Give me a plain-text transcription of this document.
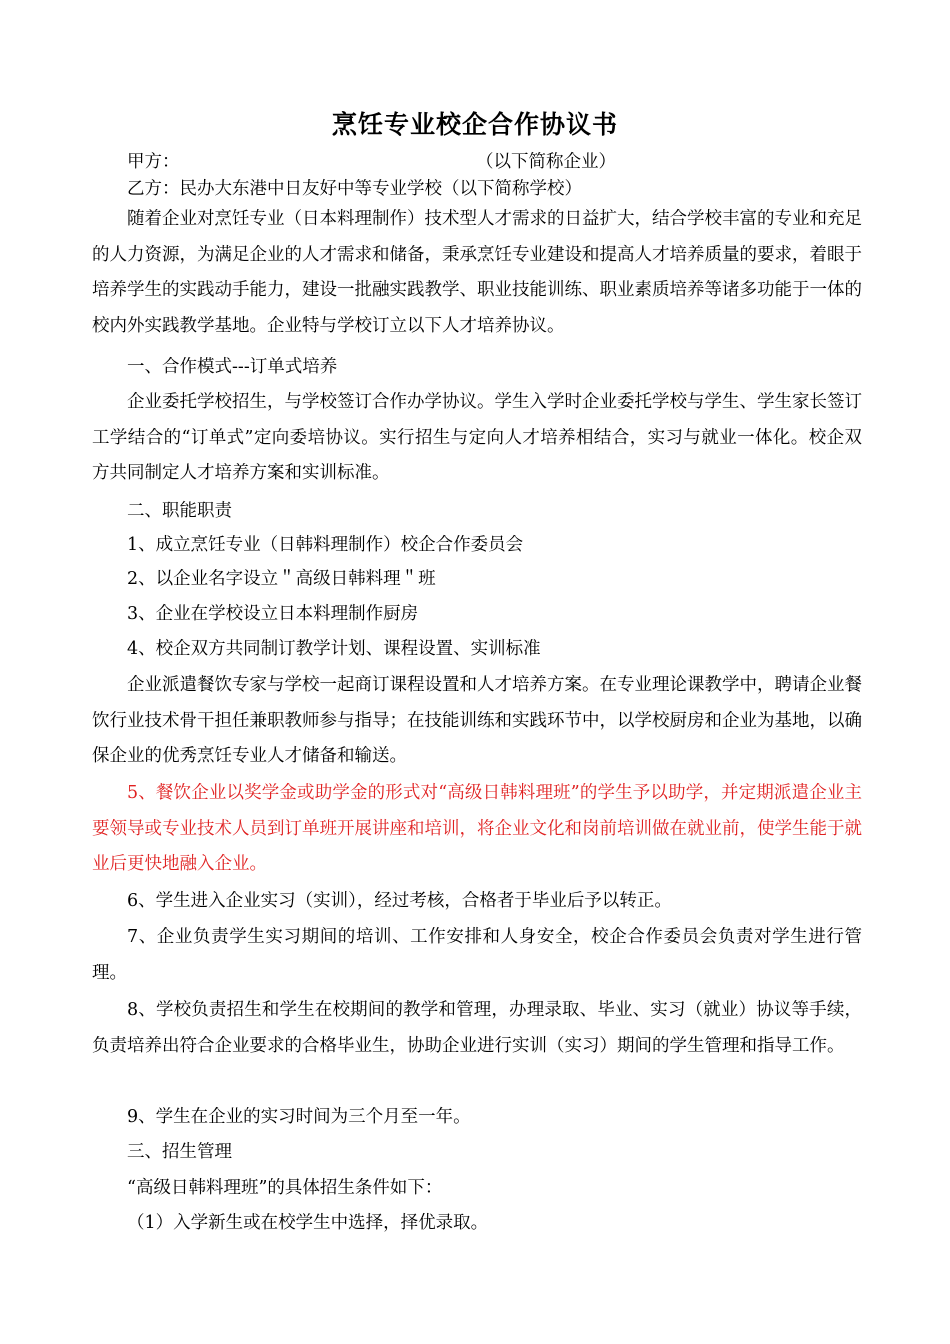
烹饪专业校企合作协议书
甲方：	（以下简称企业）
乙方：民办大东港中日友好中等专业学校（以下简称学校）

随着企业对烹饪专业（日本料理制作）技术型人才需求的日益扩大，结合学校丰富的专业和充足的人力资源，为满足企业的人才需求和储备，秉承烹饪专业建设和提高人才培养质量的要求，着眼于培养学生的实践动手能力，建设一批融实践教学、职业技能训练、职业素质培养等诸多功能于一体的校内外实践教学基地。企业特与学校订立以下人才培养协议。

一、合作模式---订单式培养

企业委托学校招生，与学校签订合作办学协议。学生入学时企业委托学校与学生、学生家长签订工学结合的“订单式”定向委培协议。实行招生与定向人才培养相结合，实习与就业一体化。校企双方共同制定人才培养方案和实训标准。

二、职能职责

1、成立烹饪专业（日韩料理制作）校企合作委员会

2、以企业名字设立＂高级日韩料理＂班

3、企业在学校设立日本料理制作厨房

4、校企双方共同制订教学计划、课程设置、实训标准

企业派遣餐饮专家与学校一起商订课程设置和人才培养方案。在专业理论课教学中，聘请企业餐饮行业技术骨干担任兼职教师参与指导；在技能训练和实践环节中，以学校厨房和企业为基地，以确保企业的优秀烹饪专业人才储备和输送。

5、餐饮企业以奖学金或助学金的形式对“高级日韩料理班”的学生予以助学，并定期派遣企业主要领导或专业技术人员到订单班开展讲座和培训，将企业文化和岗前培训做在就业前，使学生能于就业后更快地融入企业。

6、学生进入企业实习（实训），经过考核，合格者于毕业后予以转正。

7、企业负责学生实习期间的培训、工作安排和人身安全，校企合作委员会负责对学生进行管理。

8、学校负责招生和学生在校期间的教学和管理，办理录取、毕业、实习（就业）协议等手续，负责培养出符合企业要求的合格毕业生，协助企业进行实训（实习）期间的学生管理和指导工作。

9、学生在企业的实习时间为三个月至一年。

三、招生管理

“高级日韩料理班”的具体招生条件如下：

（1）入学新生或在校学生中选择，择优录取。
